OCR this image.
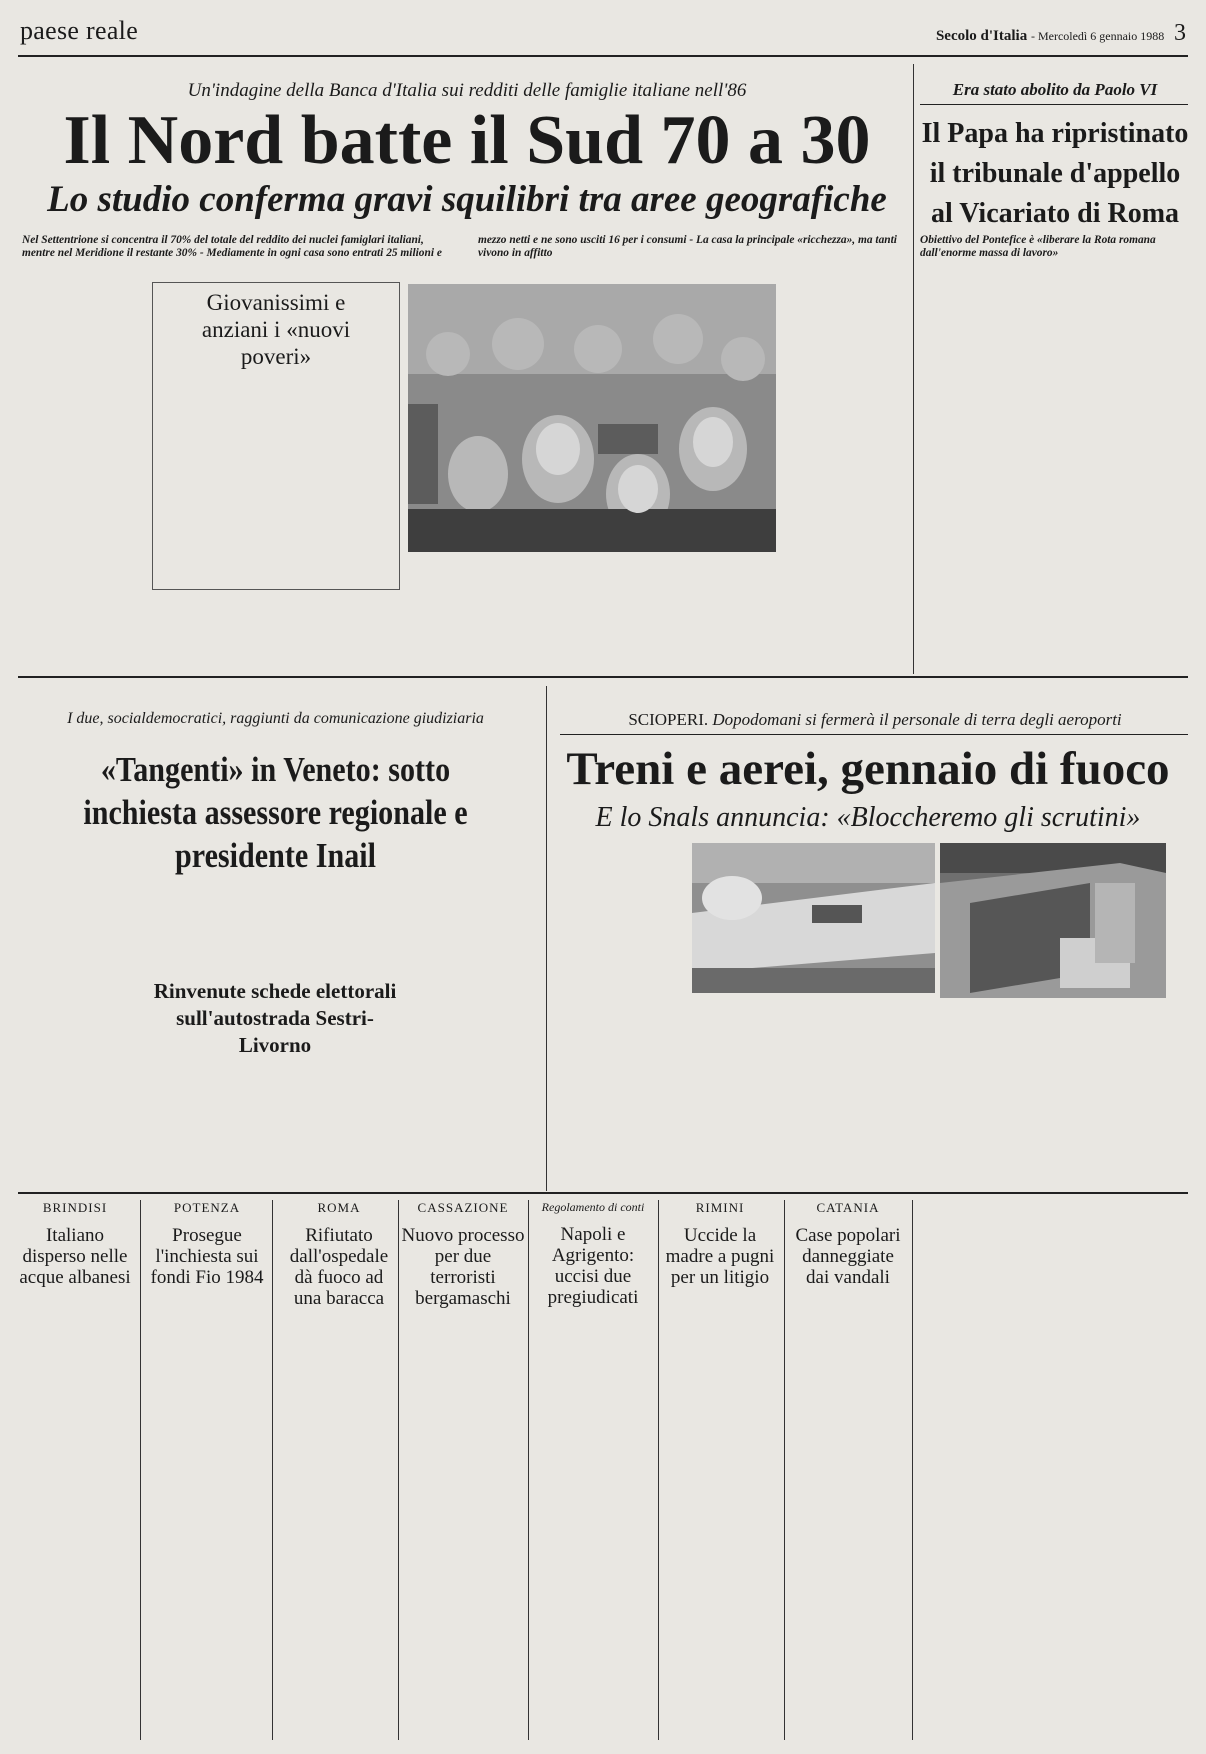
paese reale	Secolo d'Italia - Mercoledì 6 gennaio 1988 3
Un'indagine della Banca d'Italia sui redditi delle famiglie italiane nell'86
Il Nord batte il Sud 70 a 30
Lo studio conferma gravi squilibri tra aree geografiche
Nel Settentrione si concentra il 70% del totale del reddito dei nuclei famiglari italiani, mentre nel Meridione il restante 30% - Mediamente in ogni casa sono entrati 25 milioni e mezzo netti e ne sono usciti 16 per i consumi - La casa la principale «ricchezza», ma tanti vivono in affitto
Giovanissimi e anziani i «nuovi poveri»
Era stato abolito da Paolo VI
Il Papa ha ripristinato il tribunale d'appello al Vicariato di Roma
Obiettivo del Pontefice è «liberare la Rota romana dall'enorme massa di lavoro»
I due, socialdemocratici, raggiunti da comunicazione giudiziaria
«Tangenti» in Veneto: sotto inchiesta assessore regionale e presidente Inail
Rinvenute schede elettorali sull'autostrada Sestri-Livorno
SCIOPERI. Dopodomani si fermerà il personale di terra degli aeroporti
Treni e aerei, gennaio di fuoco
E lo Snals annuncia: «Bloccheremo gli scrutini»
BRINDISI
Italiano disperso nelle acque albanesi
POTENZA
Prosegue l'inchiesta sui fondi Fio 1984
ROMA
Rifiutato dall'ospedale dà fuoco ad una baracca
CASSAZIONE
Nuovo processo per due terroristi bergamaschi
Regolamento di conti
Napoli e Agrigento: uccisi due pregiudicati
RIMINI
Uccide la madre a pugni per un litigio
CATANIA
Case popolari danneggiate dai vandali
